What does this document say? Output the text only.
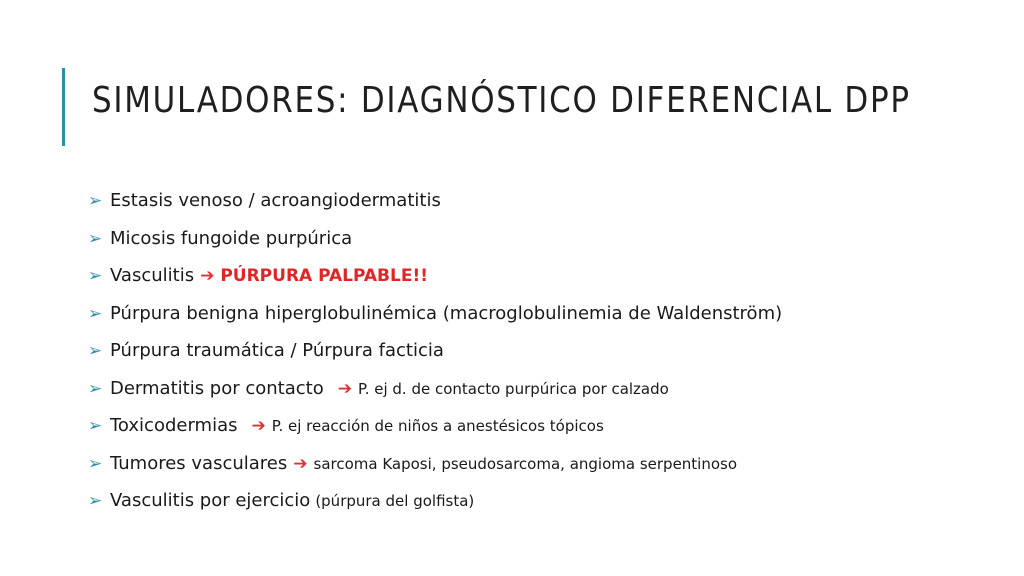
SIMULADORES: DIAGNÓSTICO DIFERENCIAL DPP
➢ Estasis venoso / acroangiodermatitis
➢ Micosis fungoide purpúrica
➢ Vasculitis ➔ PÚRPURA PALPABLE!!
➢ Púrpura benigna hiperglobulinémica (macroglobulinemia de Waldenström)
➢ Púrpura traumática / Púrpura facticia
➢ Dermatitis por contacto ➔ P. ej d. de contacto purpúrica por calzado
➢ Toxicodermias ➔ P. ej reacción de niños a anestésicos tópicos
➢ Tumores vasculares ➔ sarcoma Kaposi, pseudosarcoma, angioma serpentinoso
➢ Vasculitis por ejercicio (púrpura del golfista)
